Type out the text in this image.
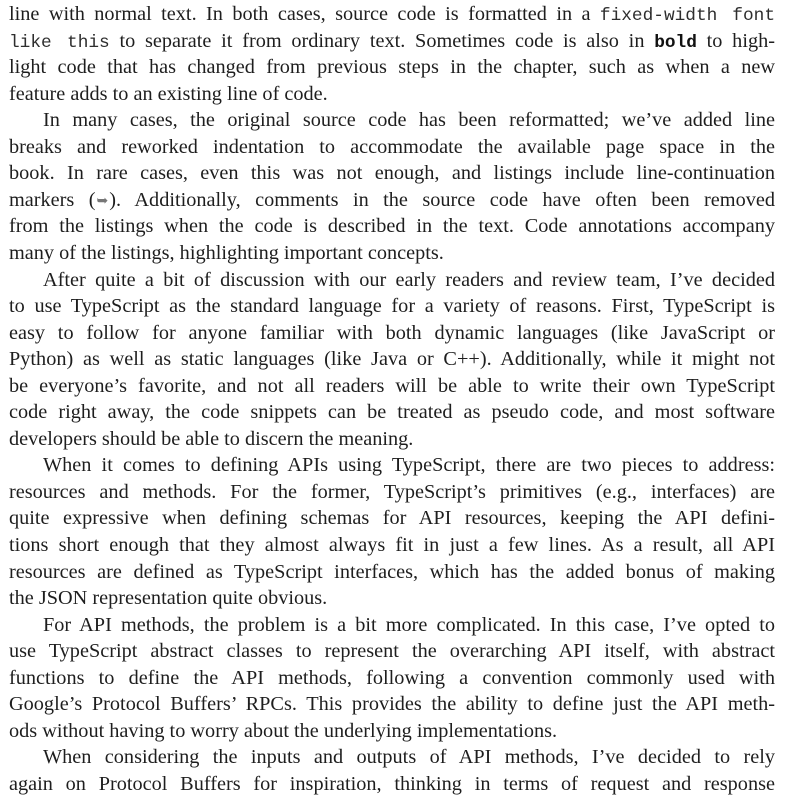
line with normal text. In both cases, source code is formatted in a fixed-width font
like this to separate it from ordinary text. Sometimes code is also in bold to high-
light code that has changed from previous steps in the chapter, such as when a new
feature adds to an existing line of code.
In many cases, the original source code has been reformatted; we’ve added line
breaks and reworked indentation to accommodate the available page space in the
book. In rare cases, even this was not enough, and listings include line-continuation
markers (➥). Additionally, comments in the source code have often been removed
from the listings when the code is described in the text. Code annotations accompany
many of the listings, highlighting important concepts.
After quite a bit of discussion with our early readers and review team, I’ve decided
to use TypeScript as the standard language for a variety of reasons. First, TypeScript is
easy to follow for anyone familiar with both dynamic languages (like JavaScript or
Python) as well as static languages (like Java or C++). Additionally, while it might not
be everyone’s favorite, and not all readers will be able to write their own TypeScript
code right away, the code snippets can be treated as pseudo code, and most software
developers should be able to discern the meaning.
When it comes to defining APIs using TypeScript, there are two pieces to address:
resources and methods. For the former, TypeScript’s primitives (e.g., interfaces) are
quite expressive when defining schemas for API resources, keeping the API defini-
tions short enough that they almost always fit in just a few lines. As a result, all API
resources are defined as TypeScript interfaces, which has the added bonus of making
the JSON representation quite obvious.
For API methods, the problem is a bit more complicated. In this case, I’ve opted to
use TypeScript abstract classes to represent the overarching API itself, with abstract
functions to define the API methods, following a convention commonly used with
Google’s Protocol Buffers’ RPCs. This provides the ability to define just the API meth-
ods without having to worry about the underlying implementations.
When considering the inputs and outputs of API methods, I’ve decided to rely
again on Protocol Buffers for inspiration, thinking in terms of request and response
